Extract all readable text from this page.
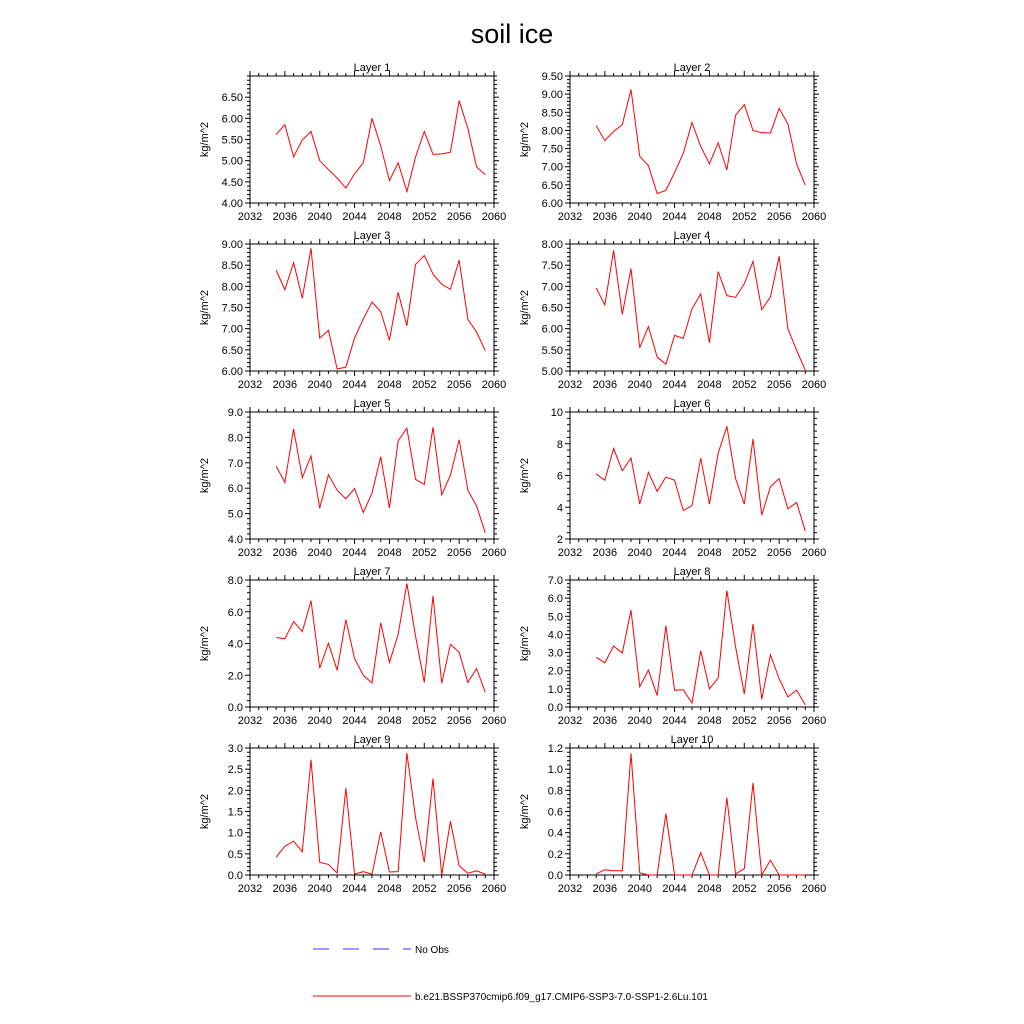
soil ice
Layer 1
kg/m^2
2032 2036 2040 2044 2048 2052 2056 2060
4.00
4.50
5.00
5.50
6.00
6.50
Layer 2
kg/m^2
2032 2036 2040 2044 2048 2052 2056 2060
6.00
6.50
7.00
7.50
8.00
8.50
9.00
9.50
Layer 3
kg/m^2
2032 2036 2040 2044 2048 2052 2056 2060
6.00
6.50
7.00
7.50
8.00
8.50
9.00
Layer 4
kg/m^2
2032 2036 2040 2044 2048 2052 2056 2060
5.00
5.50
6.00
6.50
7.00
7.50
8.00
Layer 5
kg/m^2
2032 2036 2040 2044 2048 2052 2056 2060
4.0
5.0
6.0
7.0
8.0
9.0
Layer 6
kg/m^2
2032 2036 2040 2044 2048 2052 2056 2060
2
4
6
8
10
Layer 7
kg/m^2
2032 2036 2040 2044 2048 2052 2056 2060
0.0
2.0
4.0
6.0
8.0
Layer 8
kg/m^2
2032 2036 2040 2044 2048 2052 2056 2060
0.0
1.0
2.0
3.0
4.0
5.0
6.0
7.0
Layer 9
kg/m^2
2032 2036 2040 2044 2048 2052 2056 2060
0.0
0.5
1.0
1.5
2.0
2.5
3.0
Layer 10
kg/m^2
2032 2036 2040 2044 2048 2052 2056 2060
0.0
0.2
0.4
0.6
0.8
1.0
1.2
No Obs
b.e21.BSSP370cmip6.f09_g17.CMIP6-SSP3-7.0-SSP1-2.6Lu.101
